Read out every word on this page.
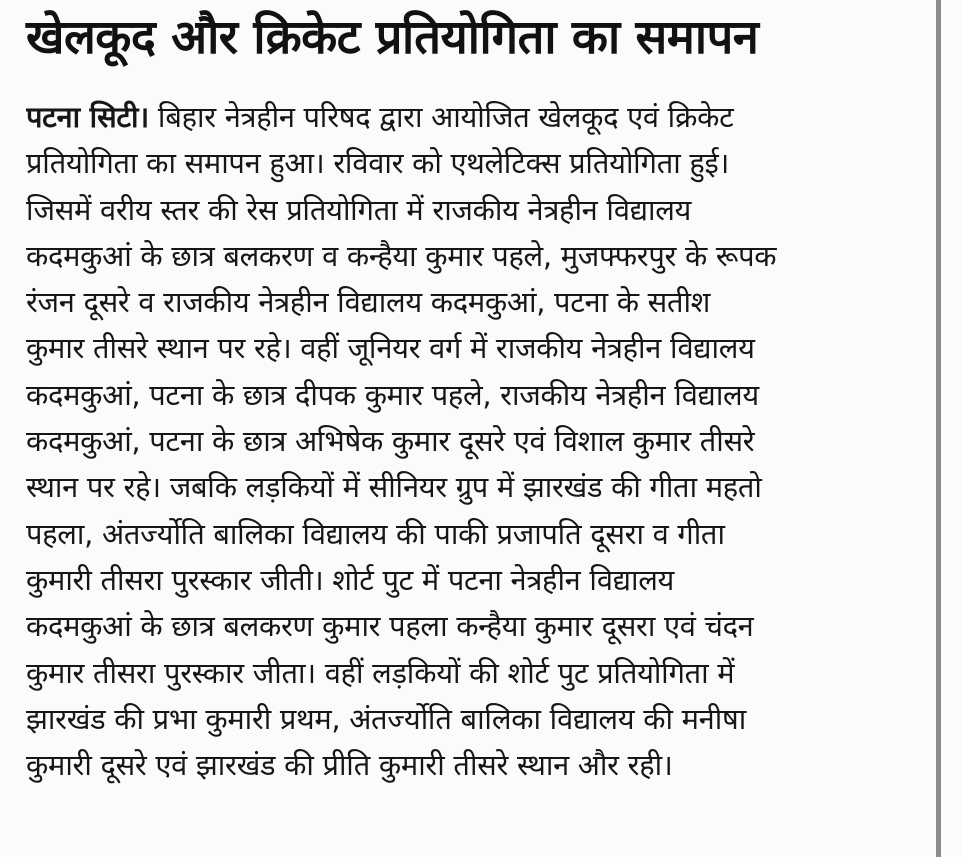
खेलकूद और क्रिकेट प्रतियोगिता का समापन
पटना सिटी। बिहार नेत्रहीन परिषद द्वारा आयोजित खेलकूद एवं क्रिकेट
प्रतियोगिता का समापन हुआ। रविवार को एथलेटिक्स प्रतियोगिता हुई।
जिसमें वरीय स्तर की रेस प्रतियोगिता में राजकीय नेत्रहीन विद्यालय
कदमकुआं के छात्र बलकरण व कन्हैया कुमार पहले, मुजफ्फरपुर के रूपक
रंजन दूसरे व राजकीय नेत्रहीन विद्यालय कदमकुआं, पटना के सतीश
कुमार तीसरे स्थान पर रहे। वहीं जूनियर वर्ग में राजकीय नेत्रहीन विद्यालय
कदमकुआं, पटना के छात्र दीपक कुमार पहले, राजकीय नेत्रहीन विद्यालय
कदमकुआं, पटना के छात्र अभिषेक कुमार दूसरे एवं विशाल कुमार तीसरे
स्थान पर रहे। जबकि लड़कियों में सीनियर ग्रुप में झारखंड की गीता महतो
पहला, अंतर्ज्योति बालिका विद्यालय की पाकी प्रजापति दूसरा व गीता
कुमारी तीसरा पुरस्कार जीती। शोर्ट पुट में पटना नेत्रहीन विद्यालय
कदमकुआं के छात्र बलकरण कुमार पहला कन्हैया कुमार दूसरा एवं चंदन
कुमार तीसरा पुरस्कार जीता। वहीं लड़कियों की शोर्ट पुट प्रतियोगिता में
झारखंड की प्रभा कुमारी प्रथम, अंतर्ज्योति बालिका विद्यालय की मनीषा
कुमारी दूसरे एवं झारखंड की प्रीति कुमारी तीसरे स्थान और रही।
